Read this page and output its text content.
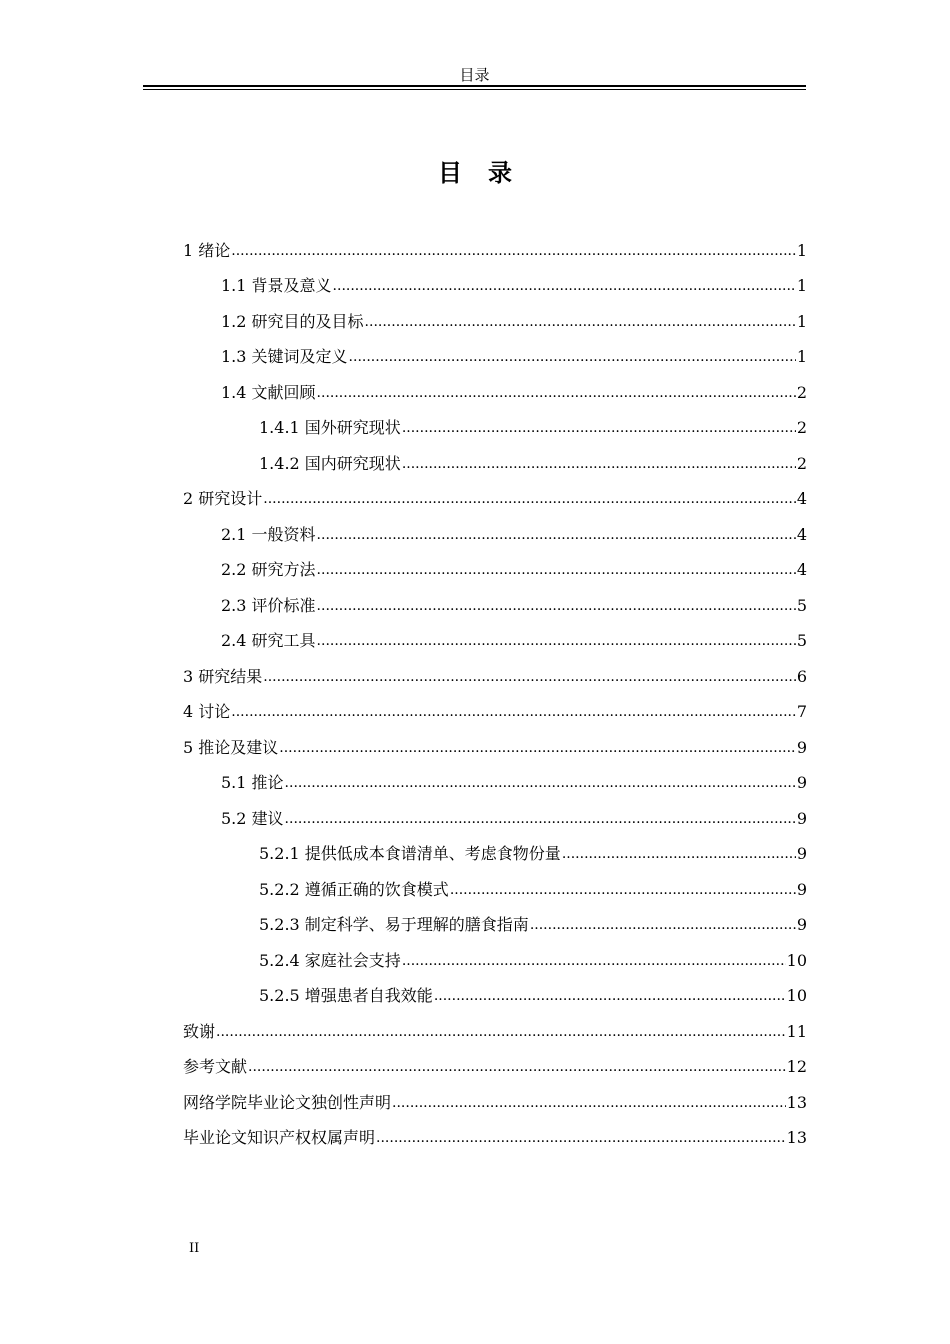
目录
目录
1 绪论 .....	1
1.1 背景及意义 .....	1
1.2 研究目的及目标 .....	1
1.3 关键词及定义 .....	1
1.4 文献回顾 .....	2
1.4.1 国外研究现状 .....	2
1.4.2 国内研究现状 .....	2
2 研究设计 .....	4
2.1 一般资料 .....	4
2.2 研究方法 .....	4
2.3 评价标准 .....	5
2.4 研究工具 .....	5
3 研究结果 .....	6
4 讨论 .....	7
5 推论及建议 .....	9
5.1 推论 .....	9
5.2 建议 .....	9
5.2.1 提供低成本食谱清单、考虑食物份量 .....	9
5.2.2 遵循正确的饮食模式 .....	9
5.2.3 制定科学、易于理解的膳食指南 .....	9
5.2.4 家庭社会支持 .....	10
5.2.5 增强患者自我效能 .....	10
致谢 .....	11
参考文献 .....	12
网络学院毕业论文独创性声明 .....	13
毕业论文知识产权权属声明 .....	13
II
